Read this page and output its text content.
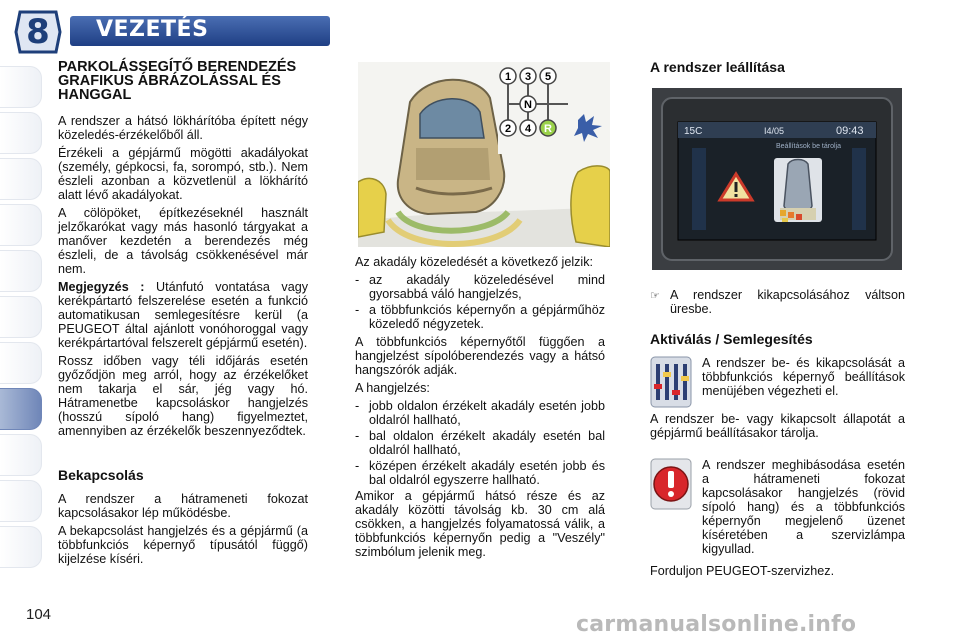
8	VEZETÉS
PARKOLÁSSEGÍTŐ BERENDEZÉS GRAFIKUS ÁBRÁZOLÁSSAL ÉS HANGGAL

A rendszer a hátsó lökhárítóba épített négy közeledés-érzékelőből áll.

Érzékeli a gépjármű mögötti akadályokat (személy, gépkocsi, fa, sorompó, stb.). Nem észleli azonban a közvetlenül a lökhárító alatt lévő akadályokat.

A cölöpöket, építkezéseknél használt jelzőkarókat vagy más hasonló tárgyakat a manőver kezdetén a berendezés még észleli, de a távolság csökkenésével már nem.

Megjegyzés : Utánfutó vontatása vagy kerékpártartó felszerelése esetén a funkció automatikusan semlegesítésre kerül (a PEUGEOT által ajánlott vonóhoroggal vagy kerékpártartóval felszerelt gépjármű esetén).

Rossz időben vagy téli időjárás esetén győződjön meg arról, hogy az érzékelőket nem takarja el sár, jég vagy hó. Hátramenetbe kapcsoláskor hangjelzés (hosszú sípoló hang) figyelmeztet, amennyiben az érzékelők beszennyeződtek.

Bekapcsolás

A rendszer a hátrameneti fokozat kapcsolásakor lép működésbe.

A bekapcsolást hangjelzés és a gépjármű (a többfunkciós képernyő típusától függő) kijelzése kíséri.

1 3 5
N
2 4 R

Az akadály közeledését a következő jelzik:

- az akadály közeledésével mind gyorsabbá váló hangjelzés,
- a többfunkciós képernyőn a gépjárműhöz közeledő négyzetek.

A többfunkciós képernyőtől függően a hangjelzést sípolóberendezés vagy a hátsó hangszórók adják.

A hangjelzés:

- jobb oldalon érzékelt akadály esetén jobb oldalról hallható,
- bal oldalon érzékelt akadály esetén bal oldalról hallható,
- középen érzékelt akadály esetén jobb és bal oldalról egyszerre hallható.

Amikor a gépjármű hátsó része és az akadály közötti távolság kb. 30 cm alá csökken, a hangjelzés folyamatossá válik, a többfunkciós képernyőn pedig a "Veszély" szimbólum jelenik meg.

A rendszer leállítása
15C	I4/05	09:43
Beállítások be tárolja
☞ A rendszer kikapcsolásához váltson üresbe.
Aktiválás / Semlegesítés

A rendszer be- és kikapcsolását a többfunkciós képernyő beállítások menüjében végezheti el.

A rendszer be- vagy kikapcsolt állapotát a gépjármű beállításakor tárolja.

A rendszer meghibásodása esetén a hátrameneti fokozat kapcsolásakor hangjelzés (rövid sípoló hang) és a többfunkciós képernyőn megjelenő üzenet kíséretében a szervizlámpa kigyullad.

Forduljon PEUGEOT-szervizhez.

104	carmanualsonline.info
